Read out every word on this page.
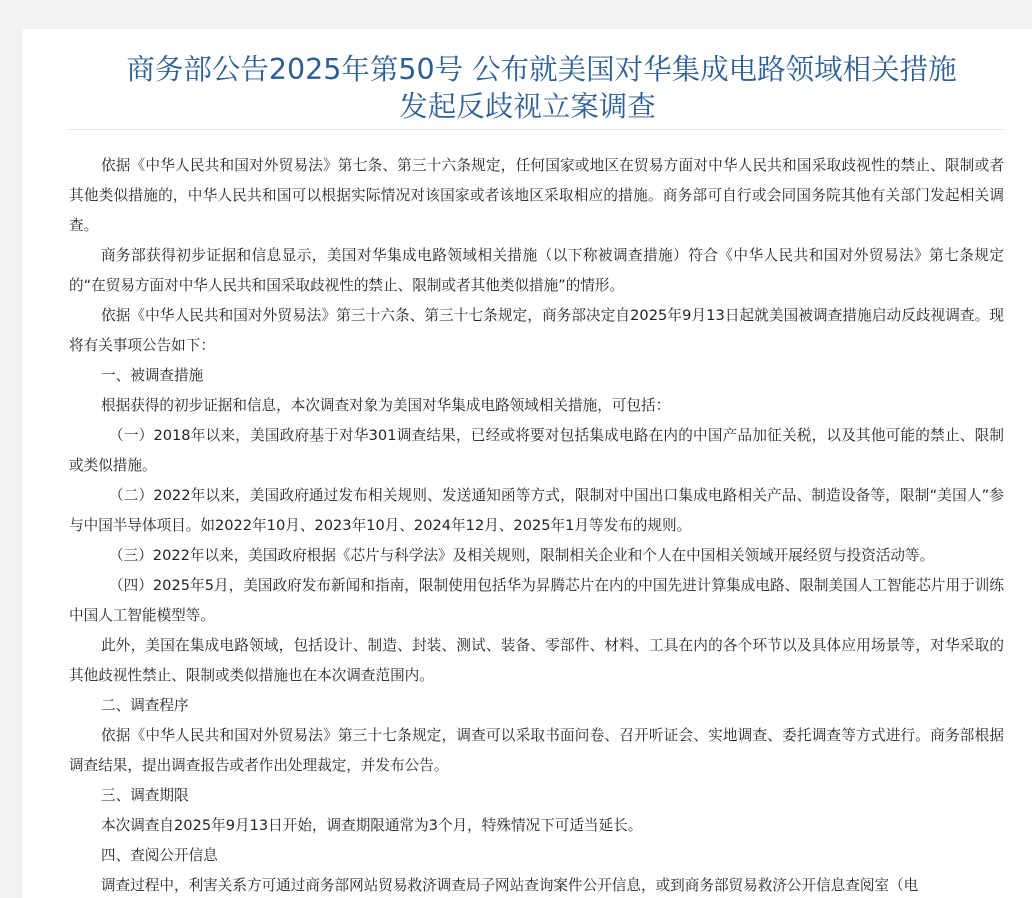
商务部公告2025年第50号 公布就美国对华集成电路领域相关措施
发起反歧视立案调查

依据《中华人民共和国对外贸易法》第七条、第三十六条规定，任何国家或地区在贸易方面对中华人民共和国采取歧视性的禁止、限制或者其他类似措施的，中华人民共和国可以根据实际情况对该国家或者该地区采取相应的措施。商务部可自行或会同国务院其他有关部门发起相关调查。

商务部获得初步证据和信息显示，美国对华集成电路领域相关措施（以下称被调查措施）符合《中华人民共和国对外贸易法》第七条规定的“在贸易方面对中华人民共和国采取歧视性的禁止、限制或者其他类似措施”的情形。

依据《中华人民共和国对外贸易法》第三十六条、第三十七条规定，商务部决定自2025年9月13日起就美国被调查措施启动反歧视调查。现将有关事项公告如下：

一、被调查措施

根据获得的初步证据和信息，本次调查对象为美国对华集成电路领域相关措施，可包括：

（一）2018年以来，美国政府基于对华301调查结果，已经或将要对包括集成电路在内的中国产品加征关税，以及其他可能的禁止、限制或类似措施。

（二）2022年以来，美国政府通过发布相关规则、发送通知函等方式，限制对中国出口集成电路相关产品、制造设备等，限制“美国人”参与中国半导体项目。如2022年10月、2023年10月、2024年12月、2025年1月等发布的规则。

（三）2022年以来，美国政府根据《芯片与科学法》及相关规则，限制相关企业和个人在中国相关领域开展经贸与投资活动等。

（四）2025年5月，美国政府发布新闻和指南，限制使用包括华为昇腾芯片在内的中国先进计算集成电路、限制美国人工智能芯片用于训练中国人工智能模型等。

此外，美国在集成电路领域，包括设计、制造、封装、测试、装备、零部件、材料、工具在内的各个环节以及具体应用场景等，对华采取的其他歧视性禁止、限制或类似措施也在本次调查范围内。

二、调查程序

依据《中华人民共和国对外贸易法》第三十七条规定，调查可以采取书面问卷、召开听证会、实地调查、委托调查等方式进行。商务部根据调查结果，提出调查报告或者作出处理裁定，并发布公告。

三、调查期限

本次调查自2025年9月13日开始，调查期限通常为3个月，特殊情况下可适当延长。

四、查阅公开信息

调查过程中，利害关系方可通过商务部网站贸易救济调查局子网站查询案件公开信息，或到商务部贸易救济公开信息查阅室（电
